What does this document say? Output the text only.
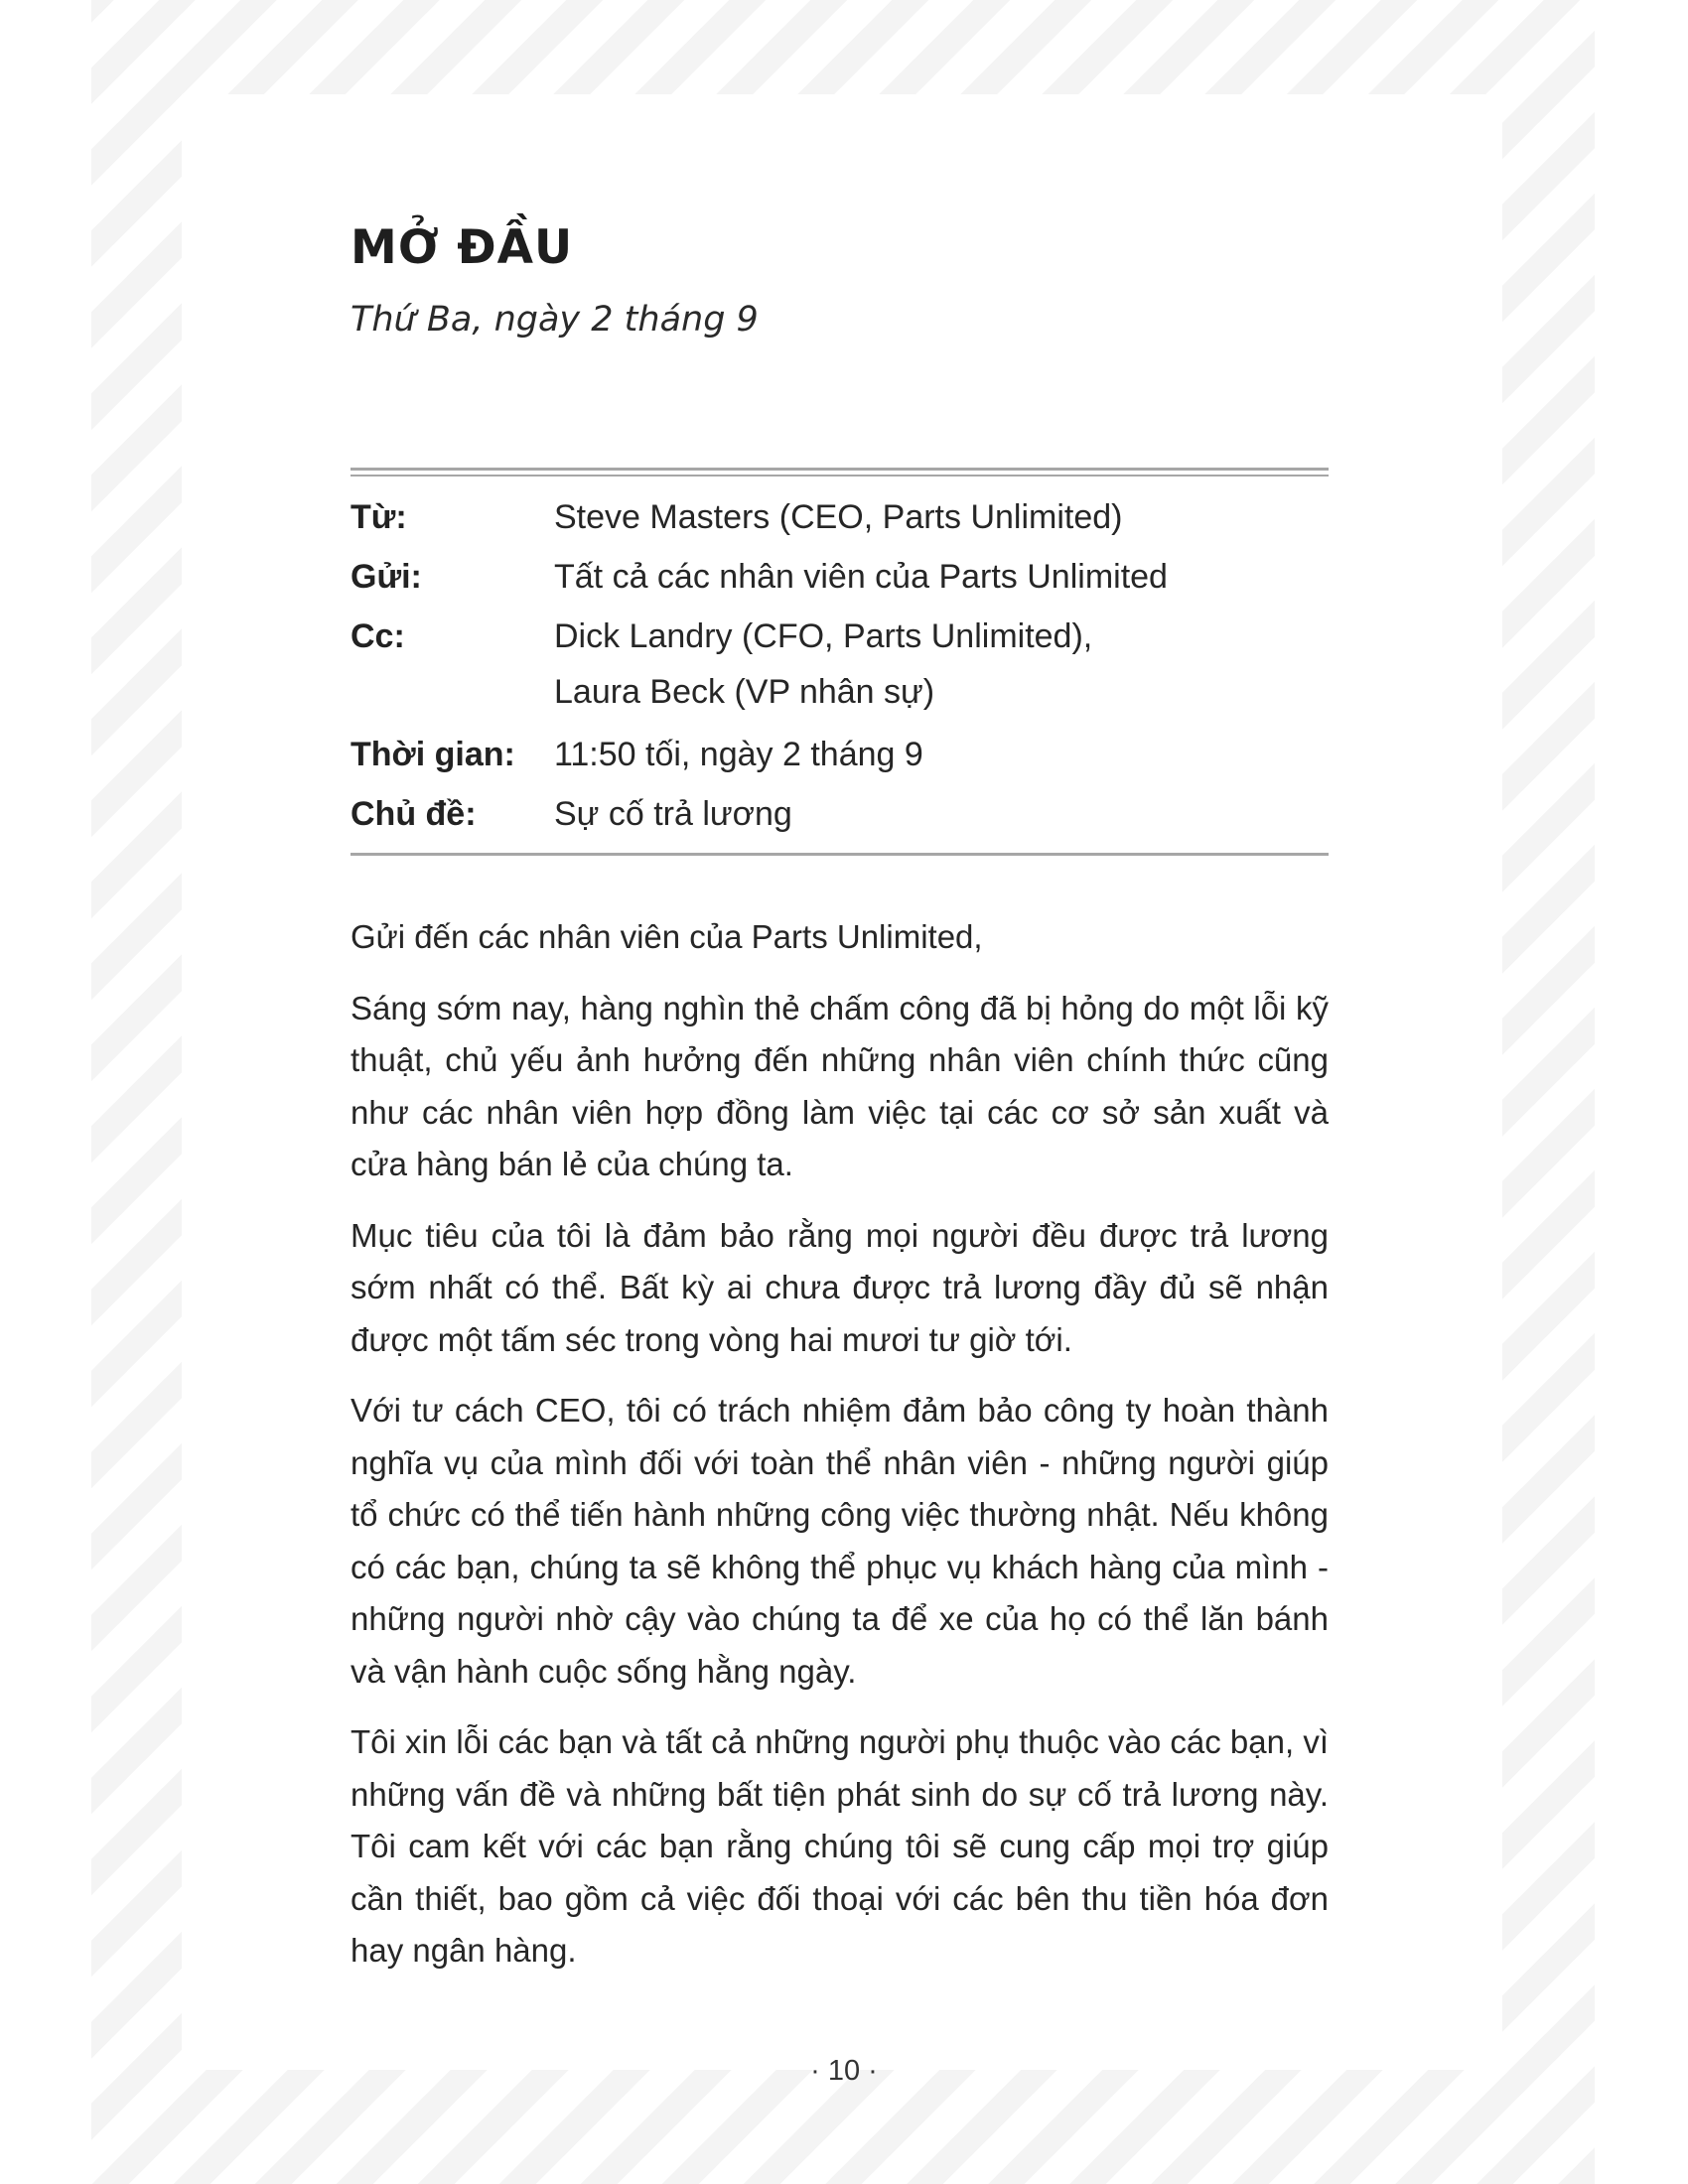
MỞ ĐẦU
Thứ Ba, ngày 2 tháng 9
Từ:	Steve Masters (CEO, Parts Unlimited)
Gửi:	Tất cả các nhân viên của Parts Unlimited
Cc:	Dick Landry (CFO, Parts Unlimited),
Laura Beck (VP nhân sự)
Thời gian: 11:50 tối, ngày 2 tháng 9
Chủ đề: Sự cố trả lương

Gửi đến các nhân viên của Parts Unlimited,

Sáng sớm nay, hàng nghìn thẻ chấm công đã bị hỏng do một lỗi kỹ thuật, chủ yếu ảnh hưởng đến những nhân viên chính thức cũng như các nhân viên hợp đồng làm việc tại các cơ sở sản xuất và cửa hàng bán lẻ của chúng ta.

Mục tiêu của tôi là đảm bảo rằng mọi người đều được trả lương sớm nhất có thể. Bất kỳ ai chưa được trả lương đầy đủ sẽ nhận được một tấm séc trong vòng hai mươi tư giờ tới.

Với tư cách CEO, tôi có trách nhiệm đảm bảo công ty hoàn thành nghĩa vụ của mình đối với toàn thể nhân viên - những người giúp tổ chức có thể tiến hành những công việc thường nhật. Nếu không có các bạn, chúng ta sẽ không thể phục vụ khách hàng của mình - những người nhờ cậy vào chúng ta để xe của họ có thể lăn bánh và vận hành cuộc sống hằng ngày.

Tôi xin lỗi các bạn và tất cả những người phụ thuộc vào các bạn, vì những vấn đề và những bất tiện phát sinh do sự cố trả lương này. Tôi cam kết với các bạn rằng chúng tôi sẽ cung cấp mọi trợ giúp cần thiết, bao gồm cả việc đối thoại với các bên thu tiền hóa đơn hay ngân hàng.

· 10 ·
